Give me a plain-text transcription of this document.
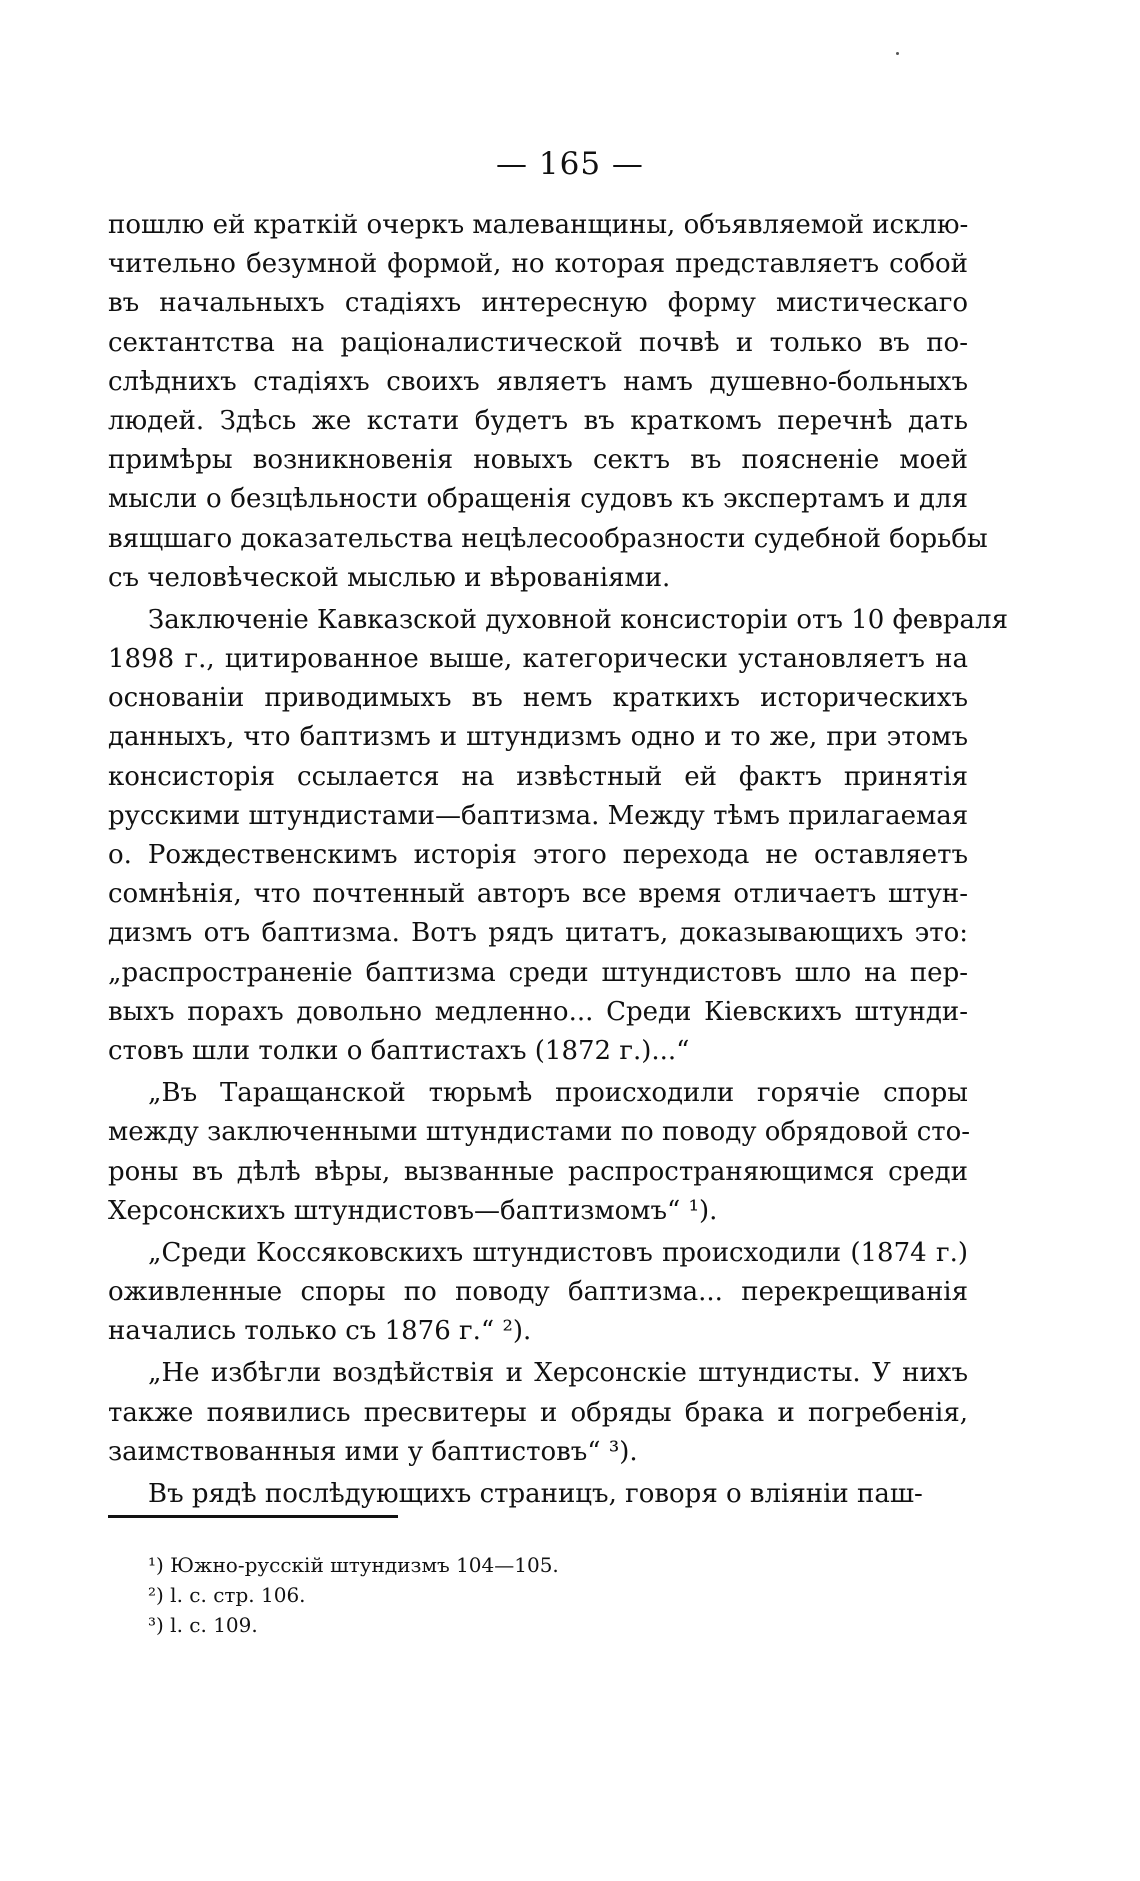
— 165 —
пошлю ей краткій очеркъ малеванщины, объявляемой исклю-
чительно безумной формой, но которая представляетъ собой
въ начальныхъ стадіяхъ интересную форму мистическаго
сектантства на раціоналистической почвѣ и только въ по-
слѣднихъ стадіяхъ своихъ являетъ намъ душевно-больныхъ
людей. Здѣсь же кстати будетъ въ краткомъ перечнѣ дать
примѣры возникновенія новыхъ сектъ въ поясненіе моей
мысли о безцѣльности обращенія судовъ къ экспертамъ и для
вящшаго доказательства нецѣлесообразности судебной борьбы
съ человѣческой мыслью и вѣрованіями.
Заключеніе Кавказской духовной консисторіи отъ 10 февраля
1898 г., цитированное выше, категорически установляетъ на
основаніи приводимыхъ въ немъ краткихъ историческихъ
данныхъ, что баптизмъ и штундизмъ одно и то же, при этомъ
консисторія ссылается на извѣстный ей фактъ принятія
русскими штундистами—баптизма. Между тѣмъ прилагаемая
о. Рождественскимъ исторія этого перехода не оставляетъ
сомнѣнія, что почтенный авторъ все время отличаетъ штун-
дизмъ отъ баптизма. Вотъ рядъ цитатъ, доказывающихъ это:
„распространеніе баптизма среди штундистовъ шло на пер-
выхъ порахъ довольно медленно... Среди Кіевскихъ штунди-
стовъ шли толки о баптистахъ (1872 г.)...“
„Въ Таращанской тюрьмѣ происходили горячіе споры
между заключенными штундистами по поводу обрядовой сто-
роны въ дѣлѣ вѣры, вызванные распространяющимся среди
Херсонскихъ штундистовъ—баптизмомъ“ ¹).
„Среди Коссяковскихъ штундистовъ происходили (1874 г.)
оживленные споры по поводу баптизма... перекрещиванія
начались только съ 1876 г.“ ²).
„Не избѣгли воздѣйствія и Херсонскіе штундисты. У нихъ
также появились пресвитеры и обряды брака и погребенія,
заимствованныя ими у баптистовъ“ ³).
Въ рядѣ послѣдующихъ страницъ, говоря о вліяніи паш-
¹) Южно-русскій штундизмъ 104—105.
²) l. c. стр. 106.
³) l. c. 109.
